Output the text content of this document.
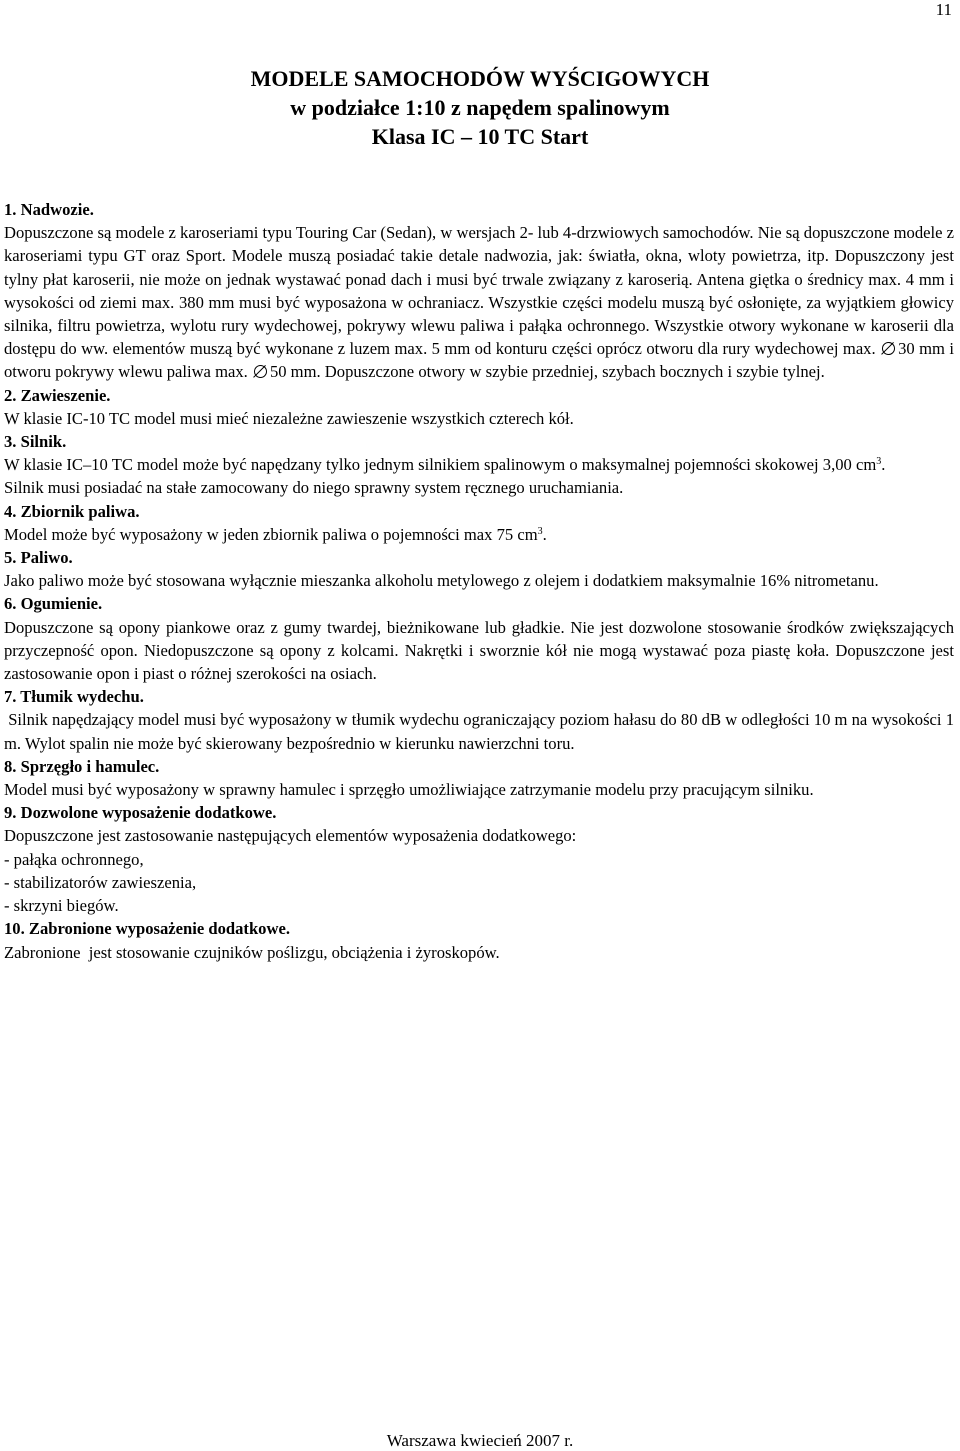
11
MODELE SAMOCHODÓW WYŚCIGOWYCH
w podziałce 1:10 z napędem spalinowym
Klasa IC – 10 TC Start

1. Nadwozie.

Dopuszczone są modele z karoseriami typu Touring Car (Sedan), w wersjach 2- lub 4-drzwiowych samochodów. Nie są dopuszczone modele z karoseriami typu GT oraz Sport. Modele muszą posiadać takie detale nadwozia, jak: światła, okna, wloty powietrza, itp. Dopuszczony jest tylny płat karoserii, nie może on jednak wystawać ponad dach i musi być trwale związany z karoserią. Antena giętka o średnicy max. 4 mm i wysokości od ziemi max. 380 mm musi być wyposażona w ochraniacz. Wszystkie części modelu muszą być osłonięte, za wyjątkiem głowicy silnika, filtru powietrza, wylotu rury wydechowej, pokrywy wlewu paliwa i pałąka ochronnego. Wszystkie otwory wykonane w karoserii dla dostępu do ww. elementów muszą być wykonane z luzem max. 5 mm od konturu części oprócz otworu dla rury wydechowej max. 30 mm i otworu pokrywy wlewu paliwa max. 50 mm. Dopuszczone otwory w szybie przedniej, szybach bocznych i szybie tylnej.

2. Zawieszenie.

W klasie IC-10 TC model musi mieć niezależne zawieszenie wszystkich czterech kół.

3. Silnik.

W klasie IC–10 TC model może być napędzany tylko jednym silnikiem spalinowym o maksymalnej pojemności skokowej 3,00 $cm^3$.

Silnik musi posiadać na stałe zamocowany do niego sprawny system ręcznego uruchamiania.

4. Zbiornik paliwa.

Model może być wyposażony w jeden zbiornik paliwa o pojemności max 75 $cm^3$.

5. Paliwo.

Jako paliwo może być stosowana wyłącznie mieszanka alkoholu metylowego z olejem i dodatkiem maksymalnie 16% nitrometanu.

6. Ogumienie.

Dopuszczone są opony piankowe oraz z gumy twardej, bieżnikowane lub gładkie. Nie jest dozwolone stosowanie środków zwiększających przyczepność opon. Niedopuszczone są opony z kolcami. Nakrętki i sworznie kół nie mogą wystawać poza piastę koła. Dopuszczone jest zastosowanie opon i piast o różnej szerokości na osiach.

7. Tłumik wydechu.

Silnik napędzający model musi być wyposażony w tłumik wydechu ograniczający poziom hałasu do 80 dB w odległości 10 m na wysokości 1 m. Wylot spalin nie może być skierowany bezpośrednio w kierunku nawierzchni toru.

8. Sprzęgło i hamulec.

Model musi być wyposażony w sprawny hamulec i sprzęgło umożliwiające zatrzymanie modelu przy pracującym silniku.

9. Dozwolone wyposażenie dodatkowe.

Dopuszczone jest zastosowanie następujących elementów wyposażenia dodatkowego:

- pałąka ochronnego,

- stabilizatorów zawieszenia,

- skrzyni biegów.

10. Zabronione wyposażenie dodatkowe.

Zabronione  jest stosowanie czujników poślizgu, obciążenia i żyroskopów.

Warszawa kwiecień 2007 r.
